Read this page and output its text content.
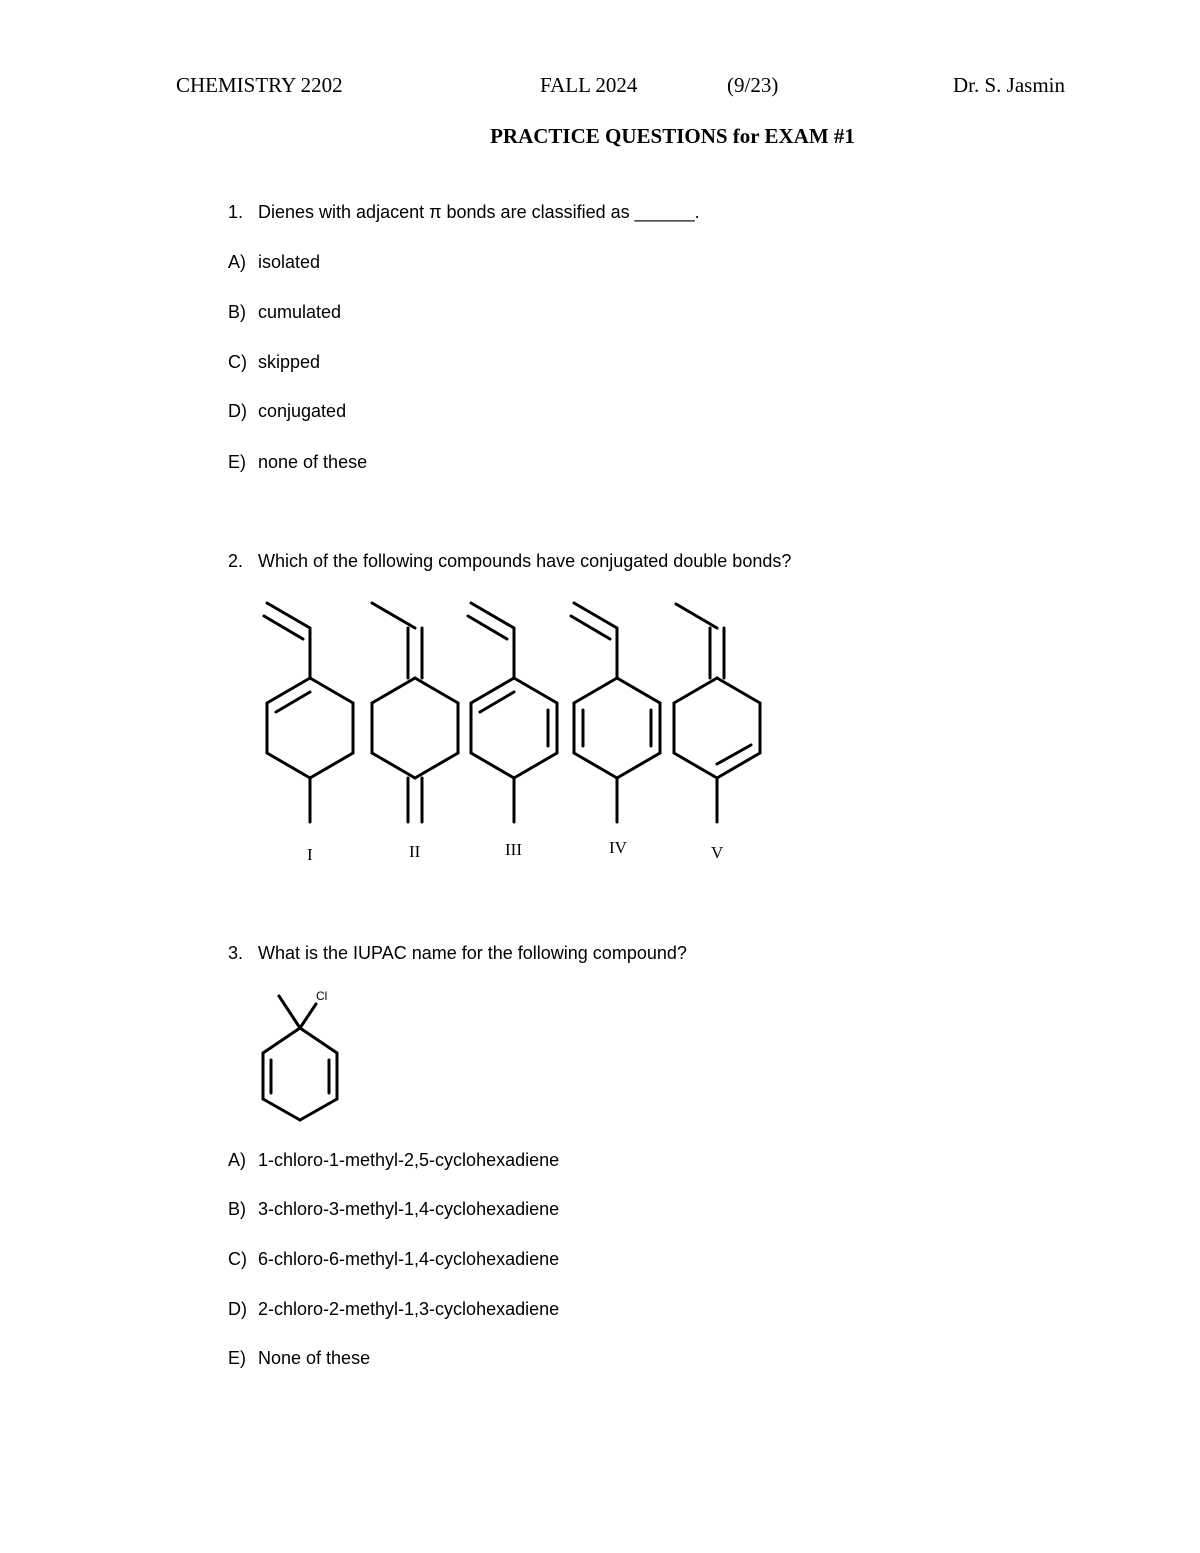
CHEMISTRY 2202	FALL 2024	(9/23)	Dr. S. Jasmin
PRACTICE QUESTIONS for EXAM #1
1. Dienes with adjacent π bonds are classified as ______.
A) isolated
B) cumulated
C) skipped
D) conjugated
E) none of these
2. Which of the following compounds have conjugated double bonds?
I	II	III	IV	V
3. What is the IUPAC name for the following compound?
Cl
A) 1-chloro-1-methyl-2,5-cyclohexadiene
B) 3-chloro-3-methyl-1,4-cyclohexadiene
C) 6-chloro-6-methyl-1,4-cyclohexadiene
D) 2-chloro-2-methyl-1,3-cyclohexadiene
E) None of these
